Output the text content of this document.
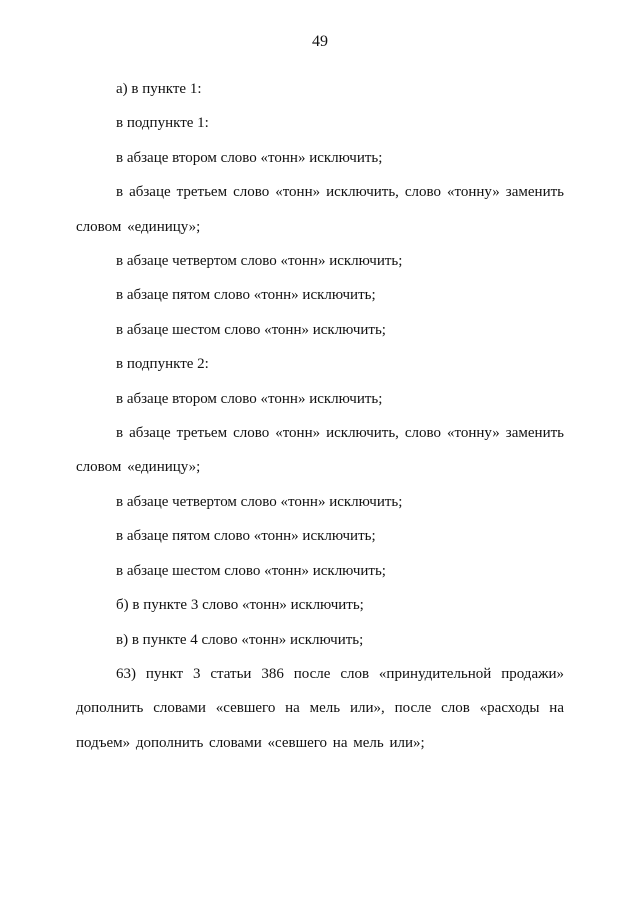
49

а) в пункте 1:

в подпункте 1:

в абзаце втором слово «тонн» исключить;

в абзаце третьем слово «тонн» исключить, слово «тонну» заменить словом «единицу»;

в абзаце четвертом слово «тонн» исключить;

в абзаце пятом слово «тонн» исключить;

в абзаце шестом слово «тонн» исключить;

в подпункте 2:

в абзаце втором слово «тонн» исключить;

в абзаце третьем слово «тонн» исключить, слово «тонну» заменить словом «единицу»;

в абзаце четвертом слово «тонн» исключить;

в абзаце пятом слово «тонн» исключить;

в абзаце шестом слово «тонн» исключить;

б) в пункте 3 слово «тонн» исключить;

в) в пункте 4 слово «тонн» исключить;

63) пункт 3 статьи 386 после слов «принудительной продажи» дополнить словами «севшего на мель или», после слов «расходы на подъем» дополнить словами «севшего на мель или»;
